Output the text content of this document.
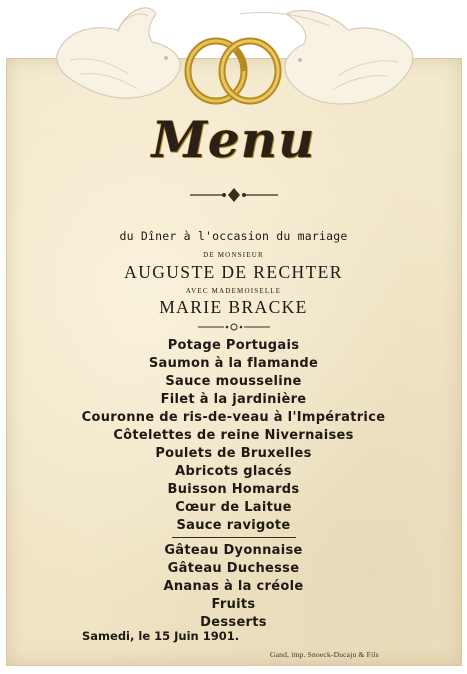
Menu
du Dîner à l'occasion du mariage
DE MONSIEUR
AUGUSTE DE RECHTER
AVEC MADEMOISELLE
MARIE BRACKE
Potage Portugais
Saumon à la flamande
Sauce mousseline
Filet à la jardinière
Couronne de ris-de-veau à l'Impératrice
Côtelettes de reine Nivernaises
Poulets de Bruxelles
Abricots glacés
Buisson Homards
Cœur de Laitue
Sauce ravigote
Gâteau Dyonnaise
Gâteau Duchesse
Ananas à la créole
Fruits
Desserts
Samedi, le 15 Juin 1901.
Gand, imp. Snoeck-Ducaju & Fils
